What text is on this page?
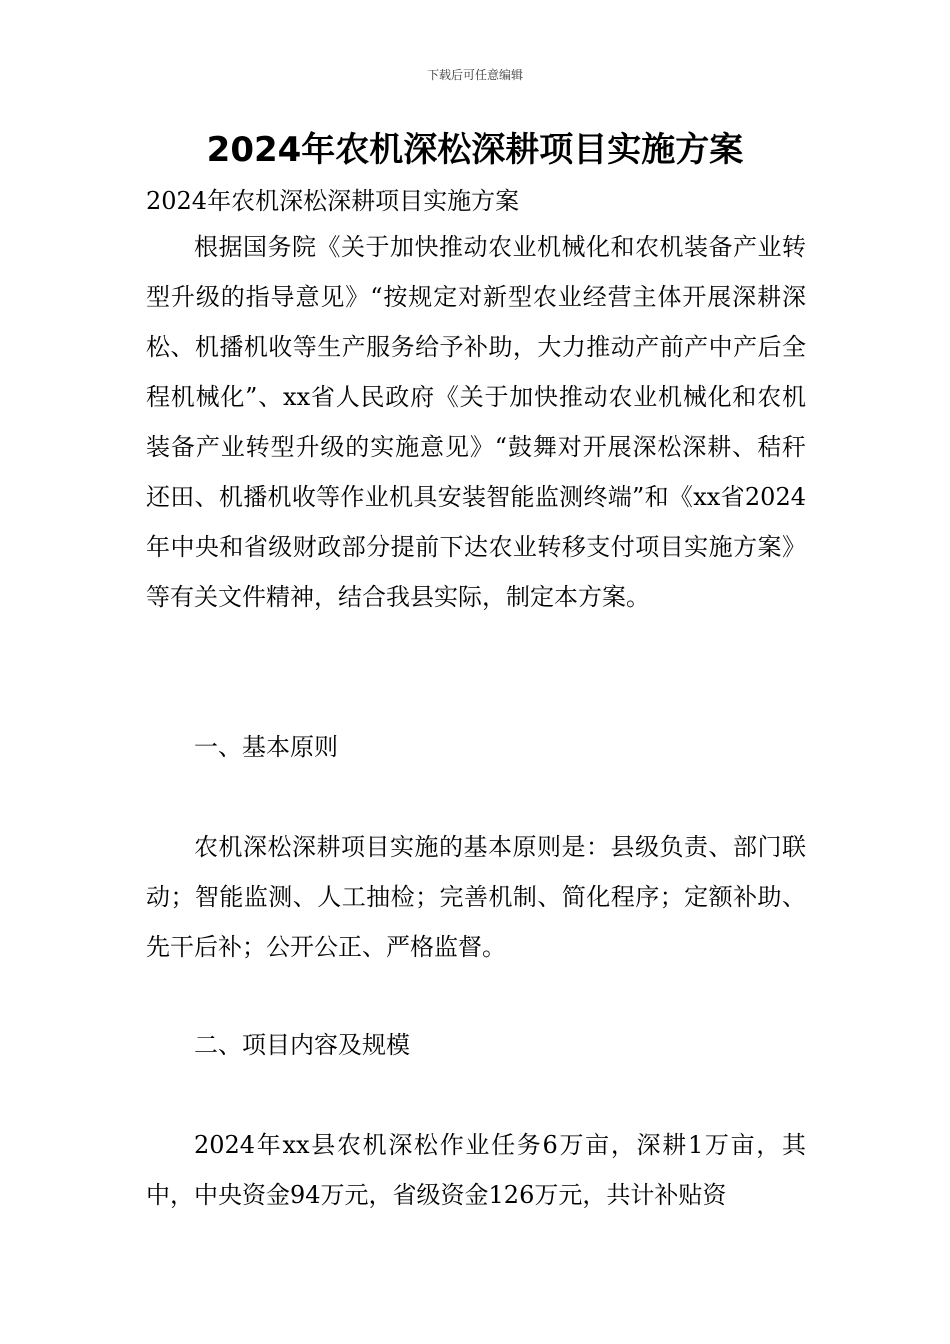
下载后可任意编辑
2024年农机深松深耕项目实施方案
2024年农机深松深耕项目实施方案
根据国务院《关于加快推动农业机械化和农机装备产业转型升级的指导意见》“按规定对新型农业经营主体开展深耕深松、机播机收等生产服务给予补助，大力推动产前产中产后全程机械化”、xx省人民政府《关于加快推动农业机械化和农机装备产业转型升级的实施意见》“鼓舞对开展深松深耕、秸秆还田、机播机收等作业机具安装智能监测终端”和《xx省2024年中央和省级财政部分提前下达农业转移支付项目实施方案》等有关文件精神，结合我县实际，制定本方案。
一、基本原则
农机深松深耕项目实施的基本原则是：县级负责、部门联动；智能监测、人工抽检；完善机制、简化程序；定额补助、先干后补；公开公正、严格监督。
二、项目内容及规模
2024年xx县农机深松作业任务6万亩，深耕1万亩，其中，中央资金94万元，省级资金126万元，共计补贴资
